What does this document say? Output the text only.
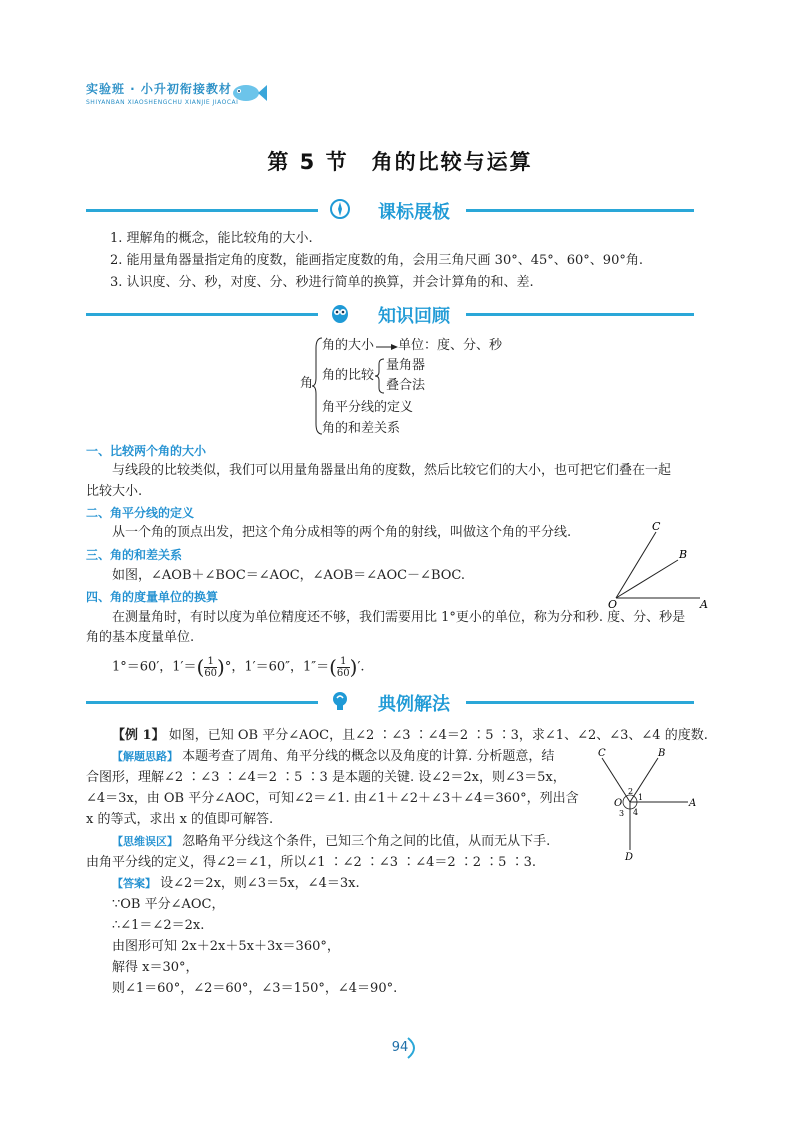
实验班 · 小升初衔接教材
SHIYANBAN XIAOSHENGCHU XIANJIE JIAOCAI
第 5 节　角的比较与运算
课标展板
1. 理解角的概念，能比较角的大小.
2. 能用量角器量指定角的度数，能画指定度数的角，会用三角尺画 30°、45°、60°、90°角.
3. 认识度、分、秒，对度、分、秒进行简单的换算，并会计算角的和、差.
知识回顾
角
角的大小 单位：度、分、秒
角的比较
量角器
叠合法
角平分线的定义
角的和差关系
一、比较两个角的大小
与线段的比较类似，我们可以用量角器量出角的度数，然后比较它们的大小，也可把它们叠在一起
比较大小.
二、角平分线的定义
从一个角的顶点出发，把这个角分成相等的两个角的射线，叫做这个角的平分线.
三、角的和差关系
如图，∠AOB＋∠BOC＝∠AOC，∠AOB＝∠AOC－∠BOC.
四、角的度量单位的换算
在测量角时，有时以度为单位精度还不够，我们需要用比 1°更小的单位，称为分和秒. 度、分、秒是
角的基本度量单位.
1°＝60′，$1'=( \frac{1}{60}$ )°，1′＝60″，$1''=( \frac{1}{60}$ )′.
C
B
A
O
典例解法
【例 1】 如图，已知 OB 平分∠AOC，且∠2 ∶∠3 ∶∠4＝2 ∶5 ∶3，求∠1、∠2、∠3、∠4 的度数.
【解题思路】 本题考查了周角、角平分线的概念以及角度的计算. 分析题意，结
合图形，理解∠2 ∶∠3 ∶∠4＝2 ∶5 ∶3 是本题的关键. 设∠2＝2x，则∠3＝5x，
∠4＝3x，由 OB 平分∠AOC，可知∠2＝∠1. 由∠1＋∠2＋∠3＋∠4＝360°，列出含
x 的等式，求出 x 的值即可解答.
【思维误区】 忽略角平分线这个条件，已知三个角之间的比值，从而无从下手.
由角平分线的定义，得∠2＝∠1，所以∠1 ∶∠2 ∶∠3 ∶∠4＝2 ∶2 ∶5 ∶3.
【答案】 设∠2＝2x，则∠3＝5x，∠4＝3x.
∵OB 平分∠AOC，
∴∠1＝∠2＝2x.
由图形可知 2x＋2x＋5x＋3x＝360°，
解得 x＝30°，
则∠1＝60°，∠2＝60°，∠3＝150°，∠4＝90°.
C	B
A
D
O
1
2
3 4
94
